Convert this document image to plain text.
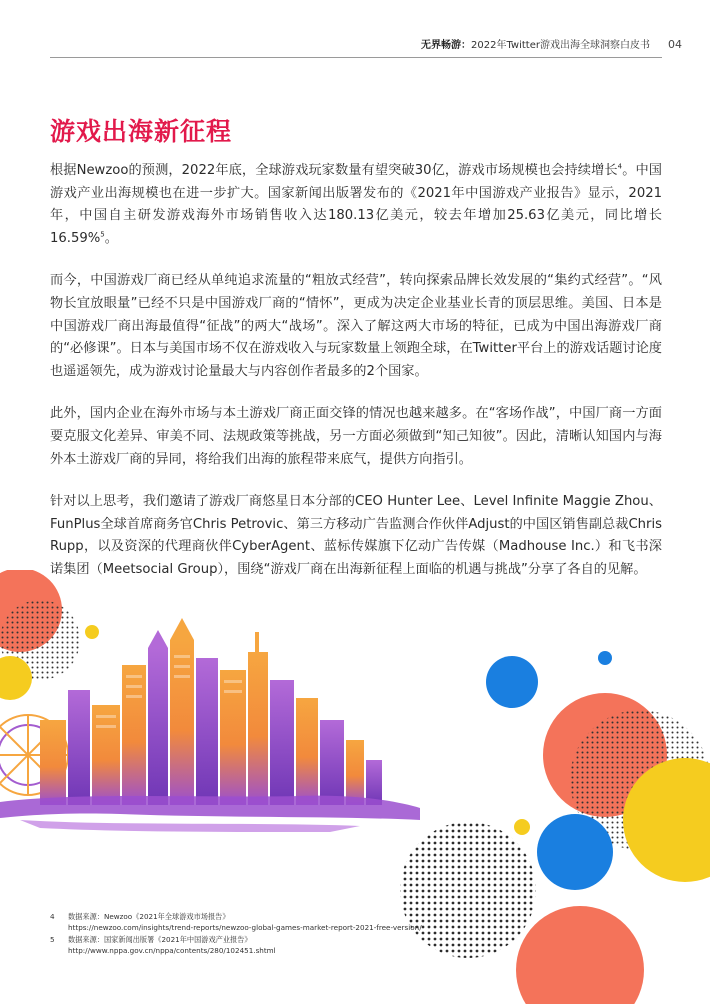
无界畅游：2022年Twitter游戏出海全球洞察白皮书 04
游戏出海新征程

根据Newzoo的预测，2022年底，全球游戏玩家数量有望突破30亿，游戏市场规模也会持续增长$^4$。中国游戏产业出海规模也在进一步扩大。国家新闻出版署发布的《2021年中国游戏产业报告》显示，2021年，中国自主研发游戏海外市场销售收入达180.13亿美元，较去年增加25.63亿美元，同比增长16.59%$^5$。

而今，中国游戏厂商已经从单纯追求流量的“粗放式经营”，转向探索品牌长效发展的“集约式经营”。“风物长宜放眼量”已经不只是中国游戏厂商的“情怀”，更成为决定企业基业长青的顶层思维。美国、日本是中国游戏厂商出海最值得“征战”的两大“战场”。深入了解这两大市场的特征，已成为中国出海游戏厂商的“必修课”。日本与美国市场不仅在游戏收入与玩家数量上领跑全球，在Twitter平台上的游戏话题讨论度也遥遥领先，成为游戏讨论量最大与内容创作者最多的2个国家。

此外，国内企业在海外市场与本土游戏厂商正面交锋的情况也越来越多。在“客场作战”，中国厂商一方面要克服文化差异、审美不同、法规政策等挑战，另一方面必须做到“知己知彼”。因此，清晰认知国内与海外本土游戏厂商的异同，将给我们出海的旅程带来底气，提供方向指引。

针对以上思考，我们邀请了游戏厂商悠星日本分部的CEO Hunter Lee、Level Infinite Maggie Zhou、FunPlus全球首席商务官Chris Petrovic、第三方移动广告监测合作伙伴Adjust的中国区销售副总裁Chris Rupp，以及资深的代理商伙伴CyberAgent、蓝标传媒旗下亿动广告传媒（Madhouse Inc.）和飞书深诺集团（Meetsocial Group），围绕“游戏厂商在出海新征程上面临的机遇与挑战”分享了各自的见解。

4	数据来源：Newzoo《2021年全球游戏市场报告》
https://newzoo.com/insights/trend-reports/newzoo-global-games-market-report-2021-free-version/
5	数据来源：国家新闻出版署《2021年中国游戏产业报告》
http://www.nppa.gov.cn/nppa/contents/280/102451.shtml
